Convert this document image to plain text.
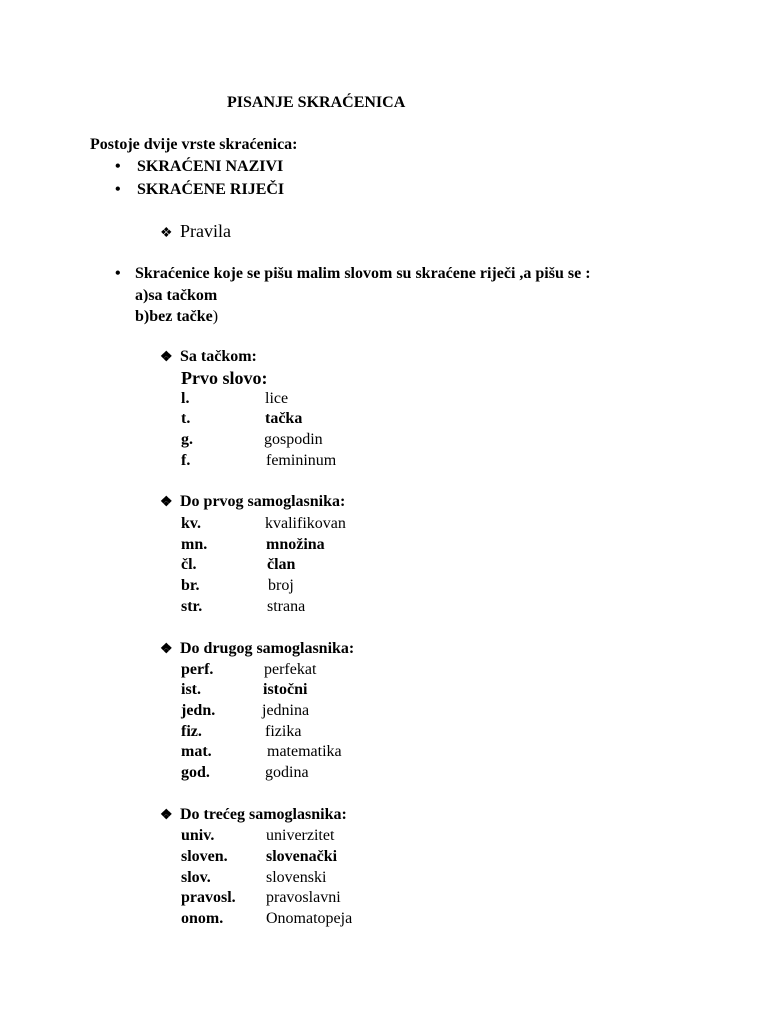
PISANJE SKRAĆENICA
Postoje dvije vrste skraćenica:
• SKRAĆENI NAZIVI
• SKRAĆENE RIJEČI
❖ Pravila
• Skraćenice koje se pišu malim slovom su skraćene riječi ,a pišu se :
a)sa tačkom
b)bez tačke)
❖ Sa tačkom:
Prvo slovo:
l.	lice
t.	tačka
g.	gospodin
f.	femininum
❖ Do prvog samoglasnika:
kv.	kvalifikovan
mn.	množina
čl.	član
br.	broj
str.	strana
❖ Do drugog samoglasnika:
perf.	perfekat
ist.	istočni
jedn.	jednina
fiz.	fizika
mat.	matematika
god.	godina
❖ Do trećeg samoglasnika:
univ.	univerzitet
sloven. slovenački
slov.	slovenski
pravosl. pravoslavni
onom.	Onomatopeja
